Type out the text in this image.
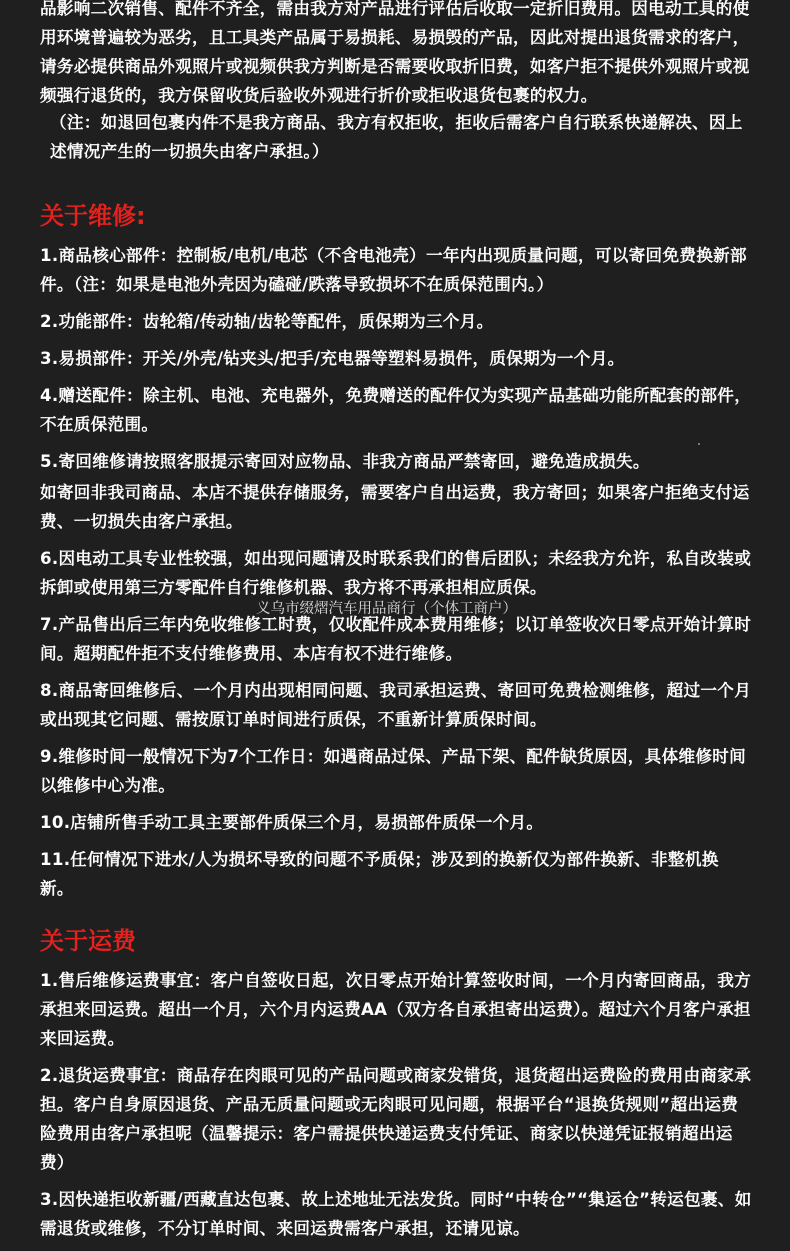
品影响二次销售、配件不齐全，需由我方对产品进行评估后收取一定折旧费用。因电动工具的使用环境普遍较为恶劣，且工具类产品属于易损耗、易损毁的产品，因此对提出退货需求的客户，请务必提供商品外观照片或视频供我方判断是否需要收取折旧费，如客户拒不提供外观照片或视频强行退货的，我方保留收货后验收外观进行折价或拒收退货包裹的权力。

（注：如退回包裹内件不是我方商品、我方有权拒收，拒收后需客户自行联系快递解决、因上述情况产生的一切损失由客户承担。）

关于维修:

1.商品核心部件：控制板/电机/电芯（不含电池壳）一年内出现质量问题，可以寄回免费换新部件。（注：如果是电池外壳因为磕碰/跌落导致损坏不在质保范围内。）

2.功能部件：齿轮箱/传动轴/齿轮等配件，质保期为三个月。

3.易损部件：开关/外壳/钻夹头/把手/充电器等塑料易损件，质保期为一个月。

4.赠送配件：除主机、电池、充电器外，免费赠送的配件仅为实现产品基础功能所配套的部件，不在质保范围。

5.寄回维修请按照客服提示寄回对应物品、非我方商品严禁寄回，避免造成损失。

如寄回非我司商品、本店不提供存储服务，需要客户自出运费，我方寄回；如果客户拒绝支付运费、一切损失由客户承担。

6.因电动工具专业性较强，如出现问题请及时联系我们的售后团队；未经我方允许，私自改装或拆卸或使用第三方零配件自行维修机器、我方将不再承担相应质保。

7.产品售出后三年内免收维修工时费，仅收配件成本费用维修；以订单签收次日零点开始计算时间。超期配件拒不支付维修费用、本店有权不进行维修。

8.商品寄回维修后、一个月内出现相同问题、我司承担运费、寄回可免费检测维修，超过一个月或出现其它问题、需按原订单时间进行质保，不重新计算质保时间。

9.维修时间一般情况下为7个工作日：如遇商品过保、产品下架、配件缺货原因，具体维修时间以维修中心为准。

10.店铺所售手动工具主要部件质保三个月，易损部件质保一个月。

11.任何情况下进水/人为损坏导致的问题不予质保；涉及到的换新仅为部件换新、非整机换新。

关于运费

1.售后维修运费事宜：客户自签收日起，次日零点开始计算签收时间，一个月内寄回商品，我方承担来回运费。超出一个月，六个月内运费AA（双方各自承担寄出运费）。超过六个月客户承担来回运费。

2.退货运费事宜：商品存在肉眼可见的产品问题或商家发错货，退货超出运费险的费用由商家承担。客户自身原因退货、产品无质量问题或无肉眼可见问题，根据平台“退换货规则”超出运费险费用由客户承担呢（温馨提示：客户需提供快递运费支付凭证、商家以快递凭证报销超出运费）

3.因快递拒收新疆/西藏直达包裹、故上述地址无法发货。同时“中转仓”“集运仓”转运包裹、如需退货或维修，不分订单时间、来回运费需客户承担，还请见谅。

义乌市缀熠汽车用品商行（个体工商户）
